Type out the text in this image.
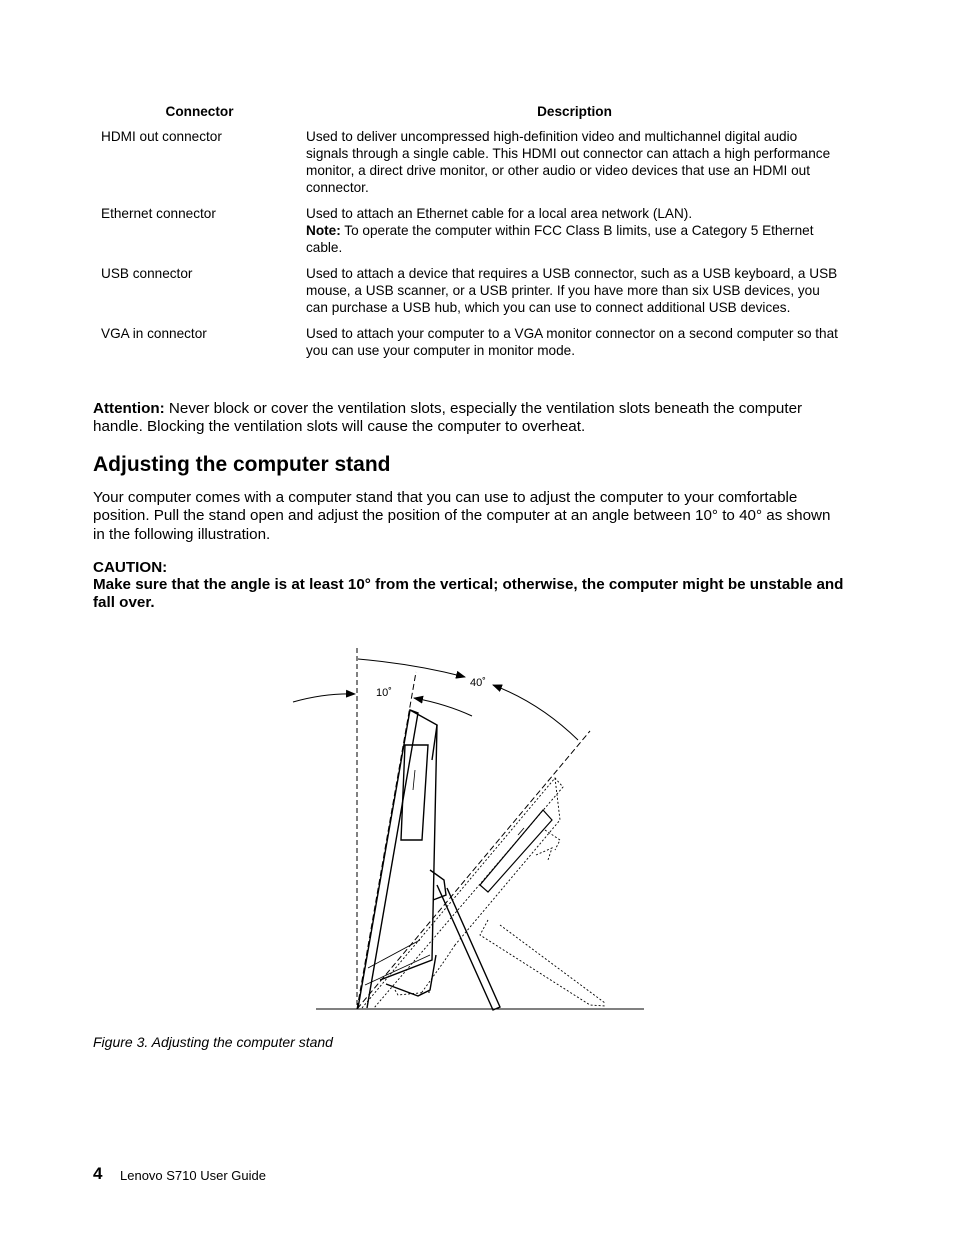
Connector	Description
HDMI out connector	Used to deliver uncompressed high-definition video and multichannel digital audio signals through a single cable. This HDMI out connector can attach a high performance monitor, a direct drive monitor, or other audio or video devices that use an HDMI out connector.
Ethernet connector	Used to attach an Ethernet cable for a local area network (LAN).
Note: To operate the computer within FCC Class B limits, use a Category 5 Ethernet cable.
USB connector	Used to attach a device that requires a USB connector, such as a USB keyboard, a USB mouse, a USB scanner, or a USB printer. If you have more than six USB devices, you can purchase a USB hub, which you can use to connect additional USB devices.
VGA in connector	Used to attach your computer to a VGA monitor connector on a second computer so that you can use your computer in monitor mode.

Attention: Never block or cover the ventilation slots, especially the ventilation slots beneath the computer handle. Blocking the ventilation slots will cause the computer to overheat.

Adjusting the computer stand

Your computer comes with a computer stand that you can use to adjust the computer to your comfortable position. Pull the stand open and adjust the position of the computer at an angle between 10° to 40° as shown in the following illustration.

CAUTION:

Make sure that the angle is at least 10° from the vertical; otherwise, the computer might be unstable and fall over.

10˚
40˚

Figure 3. Adjusting the computer stand

4 Lenovo S710 User Guide
